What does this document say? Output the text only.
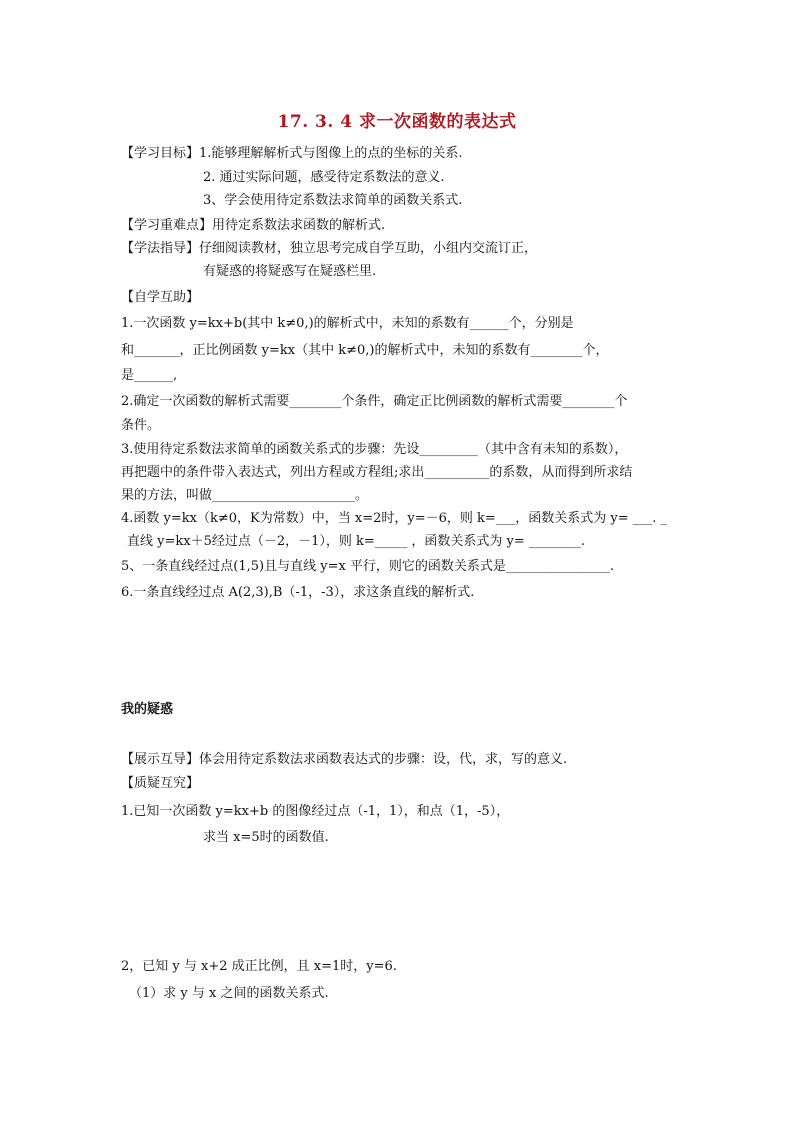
17. 3. 4 求一次函数的表达式
【学习目标】1.能够理解解析式与图像上的点的坐标的关系.
2. 通过实际问题，感受待定系数法的意义.
3、学会使用待定系数法求简单的函数关系式.
【学习重难点】用待定系数法求函数的解析式.
【学法指导】仔细阅读教材，独立思考完成自学互助，小组内交流订正，
有疑惑的将疑惑写在疑惑栏里.
【自学互助】
1.一次函数 y=kx+b(其中 k≠0,)的解析式中，未知的系数有______个，分别是
和_______，正比例函数 y=kx（其中 k≠0,)的解析式中，未知的系数有________个，
是______,
2.确定一次函数的解析式需要________个条件，确定正比例函数的解析式需要________个
条件。
3.使用待定系数法求简单的函数关系式的步骤：先设_________（其中含有未知的系数），
再把题中的条件带入表达式，列出方程或方程组;求出__________的系数，从而得到所求结
果的方法，叫做______________________。
4.函数 y=kx（k≠0，K为常数）中，当 x=2时，y=－6，则 k=___，函数关系式为 y= ___. _
直线 y=kx＋5经过点（－2，－1），则 k=_____ ，函数关系式为 y= ________.
5、一条直线经过点(1,5)且与直线 y=x 平行，则它的函数关系式是________________.
6.一条直线经过点 A(2,3),B（-1，-3），求这条直线的解析式.
我的疑惑
【展示互导】体会用待定系数法求函数表达式的步骤：设，代，求，写的意义.
【质疑互究】
1.已知一次函数 y=kx+b 的图像经过点（-1，1），和点（1，-5），
求当 x=5时的函数值.
2，已知 y 与 x+2 成正比例，且 x=1时，y=6.
（1）求 y 与 x 之间的函数关系式.
